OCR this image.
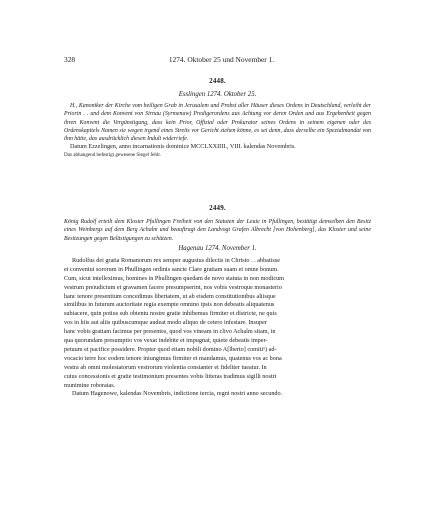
328	1274. Oktober 25 und November 1.
2448.
Esslingen 1274. Oktober 25.

H., Kanoniker der Kirche vom heiligen Grab in Jerusalem und Probst aller Häuser dieses Ordens in Deutschland, verleiht der Priorin . . und dem Konvent von Sirnau (Syrmenaw) Predigerordens aus Achtung vor deren Orden und aus Ergebenheit gegen ihren Konvent die Vergünstigung, dass kein Prior, Offizial oder Prokurator seines Ordens in seinem eigenen oder des Ordenskapitels Namen sie wegen irgend eines Streits vor Gericht ziehen könne, es sei denn, dass derselbe ein Spezialmandat von ihm hätte, das ausdrücklich diesen Indult widerriefe.

Datum Ezzelingen, anno incarnationis dominice MCCLXXIIII., VIII. kalendas Novembris.

Das abhangend befestigt gewesene Siegel fehlt.

2449.

König Rudolf erteilt dem Kloster Pfullingen Freiheit von den Statuten der Leute in Pfullingen, bestätigt demselben den Besitz eines Weinbergs auf dem Berg Achalm und beauftragt den Landvogt Grafen Albrecht [von Hohenberg], das Kloster und seine Besitzungen gegen Belästigungen zu schützen.

Hagenau 1274. November 1.

Rudolfus dei gratia Romanorum rex semper augustus dilectis in Christo . . abbatisse

et conventui sororum in Phullingen ordinis sancte Clare gratiam suam et omne bonum.

Cum, sicut intelleximus, homines in Phullingen quedam de novo statuta in non modicum

vestrum preiudicium et gravamen facere presumpserint, nos vobis vestroque monasterio

hanc tenore presentium concedimus libertatem, ut ab eisdem constitutionibus aliisque

similibus in futurum auctoritate regia exempte omnino ipsis non debeatis aliquatenus

subiacere, quin potius sub obtentu nostre gratie inhibemus firmiter et districte, ne quis

vos in hiis aut aliis quibuscumque audeat modo aliquo de cetero infestare. Insuper

hanc vobis gratiam facimus per presentes, quod vos vineam in clivo Achalm sitam, in

qua quorundam presumptio vos vexat indebite et impugnat, quiete debeatis imper-

petuum et pacifice possidere. Propter quod etiam nobili domino A[lberto] comiti¹) ad-

vocacio terre hoc eodem tenore iniungimus firmiter et mandamus, quatenus vos ac bona

vestra ab omni molestatorum vestrorum violentia constanter et fideliter tueatur. In

cuius concessionis et gratie testimonium presentes vobis litteras tradimus sigilli nostri

munimine roboratas.

Datum Hagenowe, kalendas Novembris, indictione tercia, regni nostri anno secundo.
